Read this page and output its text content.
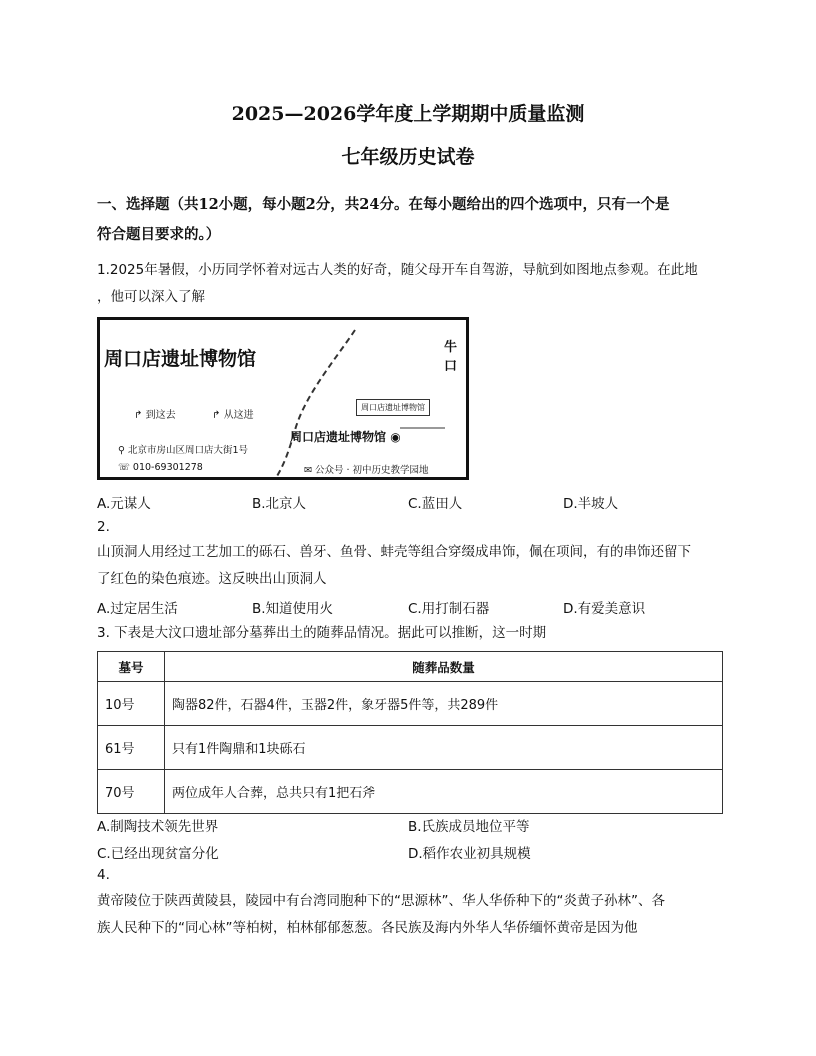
2025—2026学年度上学期期中质量监测
七年级历史试卷
一、选择题（共12小题，每小题2分，共24分。在每小题给出的四个选项中，只有一个是
符合题目要求的。）
1.2025年暑假，小历同学怀着对远古人类的好奇，随父母开车自驾游，导航到如图地点参观。在此地
，他可以深入了解
周口店遗址博物馆
牛口
↱ 到这去	↱ 从这进
⚲ 北京市房山区周口店大街1号
☏ 010-69301278
周口店遗址博物馆
周口店遗址博物馆 ◉
✉ 公众号 · 初中历史教学园地
A.元谋人	B.北京人	C.蓝田人	D.半坡人
2.
山顶洞人用经过工艺加工的砾石、兽牙、鱼骨、蚌壳等组合穿缀成串饰，佩在项间，有的串饰还留下
了红色的染色痕迹。这反映出山顶洞人
A.过定居生活	B.知道使用火	C.用打制石器	D.有爱美意识
3. 下表是大汶口遗址部分墓葬出土的随葬品情况。据此可以推断，这一时期
墓号	随葬品数量
10号	陶器82件，石器4件，玉器2件，象牙器5件等，共289件
61号	只有1件陶鼎和1块砾石
70号	两位成年人合葬，总共只有1把石斧
A.制陶技术领先世界	B.氏族成员地位平等
C.已经出现贫富分化	D.稻作农业初具规模
4.
黄帝陵位于陕西黄陵县，陵园中有台湾同胞种下的“思源林”、华人华侨种下的“炎黄子孙林”、各
族人民种下的“同心林”等柏树，柏林郁郁葱葱。各民族及海内外华人华侨缅怀黄帝是因为他
